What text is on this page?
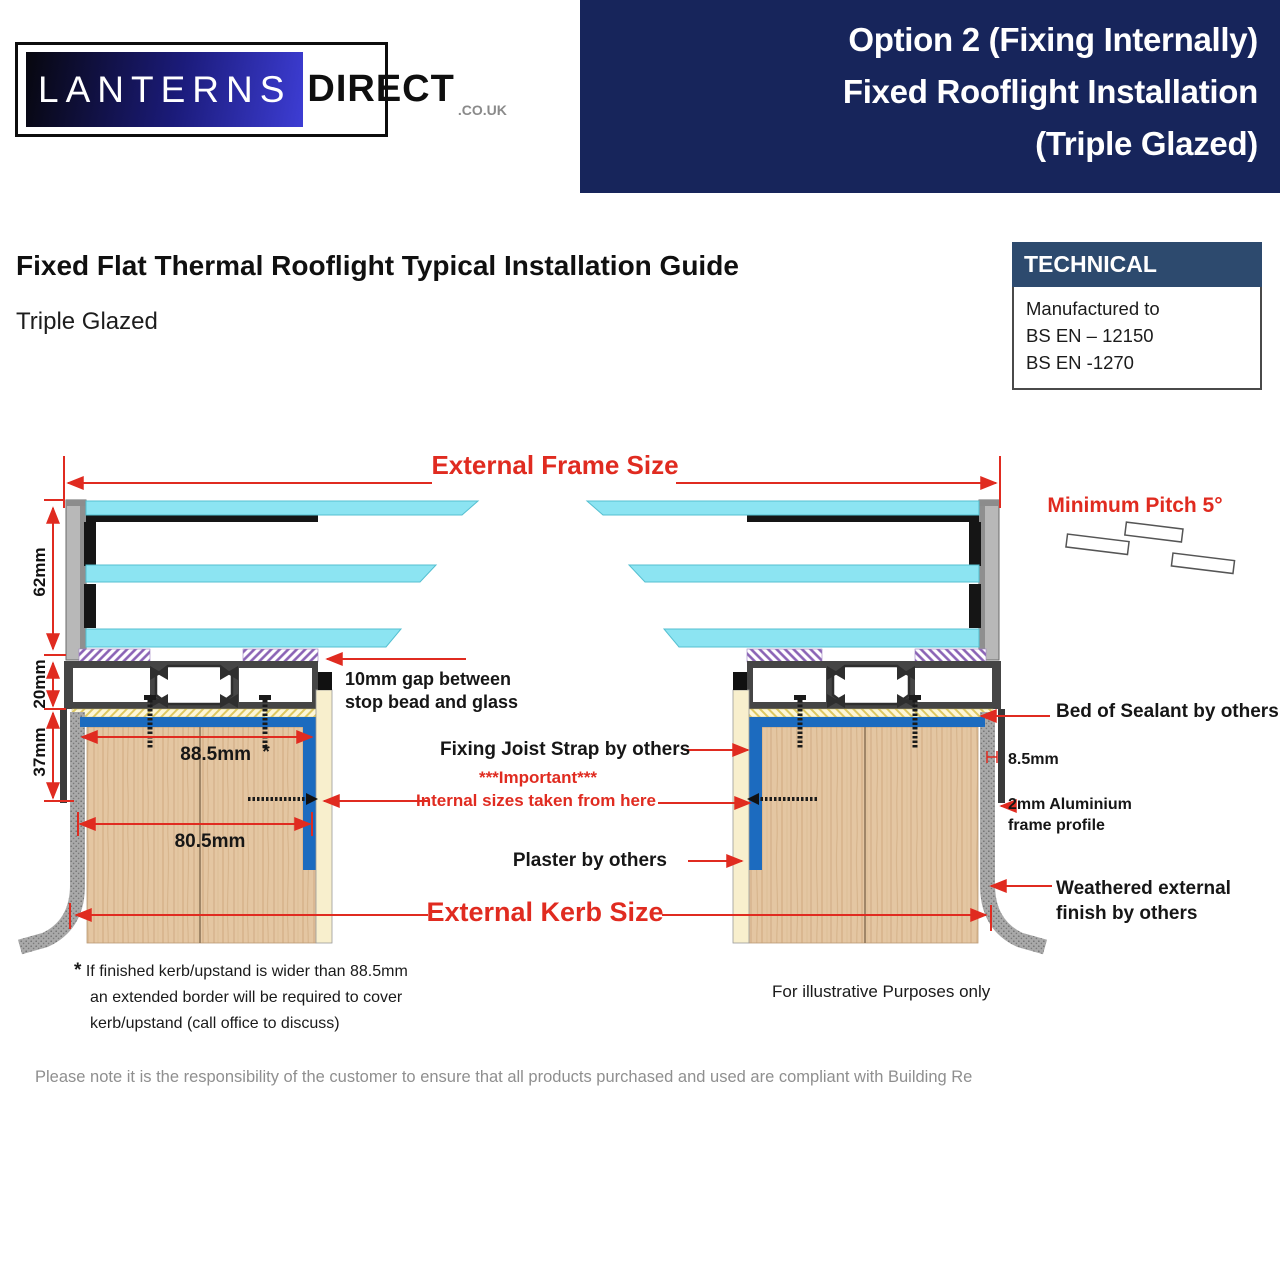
LANTERNS DIRECT .CO.UK
Option 2 (Fixing Internally)
Fixed Rooflight Installation
(Triple Glazed)
Fixed Flat Thermal Rooflight Typical Installation Guide
Triple Glazed
TECHNICAL
Manufactured to
BS EN – 12150
BS EN -1270
External Frame Size
Minimum Pitch 5°
62mm
20mm
37mm
10mm gap between
stop bead and glass
88.5mm *
80.5mm
Fixing Joist Strap by others
***Important***
Internal sizes taken from here
Plaster by others
External Kerb Size
Bed of Sealant by others
8.5mm
2mm Aluminium
frame profile
Weathered external
finish by others
* If finished kerb/upstand is wider than 88.5mm
an extended border will be required to cover
kerb/upstand (call office to discuss)
For illustrative Purposes only
Please note it is the responsibility of the customer to ensure that all products purchased and used are compliant with Building Re
